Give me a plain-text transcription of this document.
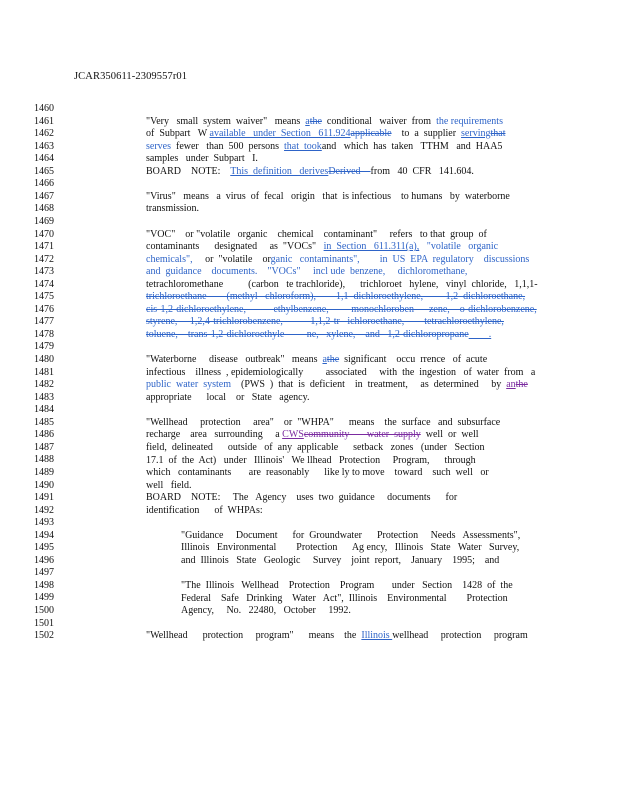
JCAR350611-2309557r01
1460
1461
1462
1463
1464
1465
1466
1467
1468
1469
1470
1471
1472
1473
1474
1475
1476
1477
1478
1479
1480
1481
1482
1483
1484
1485
1486
1487
1488
1489
1490
1491
1492
1493
1494
1495
1496
1497
1498
1499
1500
1501
1502
"Very   small  system  waiver"   means  athe  conditional   waiver  from  the requirements
of  Subpart   W available   under  Section   611.924applicable    to  a  supplier  servingthat
serves  fewer   than  500  persons  that  tookand   which  has  taken   TTHM   and  HAA5
samples   under  Subpart   I.
BOARD    NOTE:    This  definition   derivesDerived    from   40  CFR   141.604.
"Virus"   means   a  virus  of  fecal   origin   that  is infectious    to humans   by  waterborne
transmission.
"VOC"    or "volatile   organic    chemical    contaminant"     refers   to that  group  of
contaminants      designated     as  "VOCs"   in  Section   611.311(a),   "volatile   organic
chemicals",     or  "volatile    organic   contaminants",        in  US  EPA  regulatory    discussions
and  guidance    documents.    "VOCs"     incl ude  benzene,     dichloromethane,
tetrachloromethane          (carbon   te trachloride),      trichloroet   hylene,   vinyl  chloride,   1,1,1-
trichloroethane        (methyl   chloroform),        1,1  dichloroethylene,         1,2  dichloroethane,
cis-1,2-dichloroethylene,           ethylbenzene,         monochloroben      zene,    o-dichlorobenzene,
styrene,     1,2,4-trichlorobenzene,           1,1,2-tr   ichloroethane,        tetrachloroethylene,
toluene,    trans-1,2-dichloroethyle         ne,   xylene,    and   1,2-dichloropropane        .
"Waterborne     disease   outbreak"   means  athe  significant    occu  rrence   of  acute
infectious    illness  , epidemiologically         associated     with  the  ingestion   of  water  from   a
public  water  system    (PWS  )  that  is  deficient    in  treatment,     as  determined     by  anthe
appropriate      local    or   State   agency.
"Wellhead     protection     area"    or  "WHPA"      means    the  surface   and  subsurface
recharge    area   surrounding     a CWScommunity       water  supply  well  or  well
field,  delineated      outside   of  any  applicable      setback   zones   (under   Section
17.1  of  the  Act)   under   Illinois'   We llhead   Protection     Program,      through
which   contaminants       are  reasonably      like ly to move    toward    such  well   or
well   field.
BOARD    NOTE:     The   Agency    uses  two  guidance     documents      for
identification      of  WHPAs:
"Guidance     Document      for  Groundwater      Protection     Needs   Assessments",
Illinois   Environmental        Protection      Ag ency,   Illinois   State   Water   Survey,
and  Illinois   State   Geologic     Survey    joint  report,    January    1995;    and
"The  Illinois   Wellhead    Protection    Program       under   Section    1428  of  the
Federal    Safe   Drinking    Water   Act",  Illinois    Environmental        Protection
Agency,     No.   22480,   October     1992.
"Wellhead      protection     program"      means    the  Illinois wellhead     protection     program
